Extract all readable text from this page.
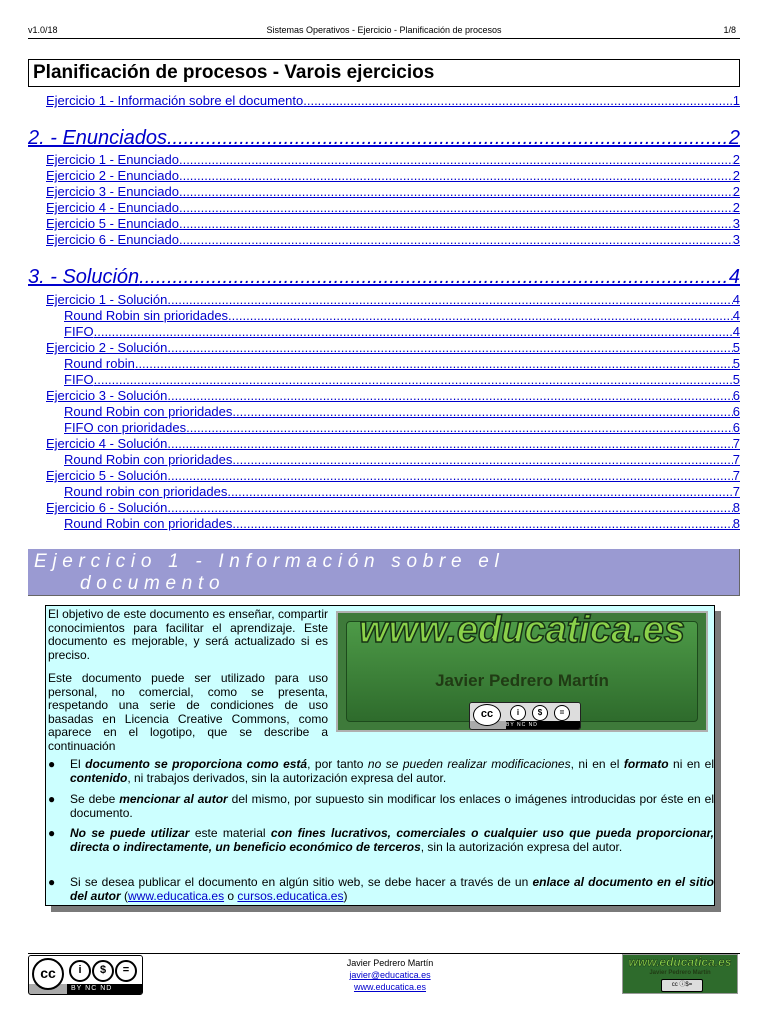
v1.0/18	Sistemas Operativos - Ejercicio - Planificación de procesos	1/8
Planificación de procesos - Varois ejercicios
Ejercicio 1 - Información sobre el documento .....	1
2. - Enunciados .....	2
Ejercicio 1 - Enunciado .....	2
Ejercicio 2 - Enunciado .....	2
Ejercicio 3 - Enunciado .....	2
Ejercicio 4 - Enunciado .....	2
Ejercicio 5 - Enunciado .....	3
Ejercicio 6 - Enunciado .....	3
3. - Solución .....	4
Ejercicio 1 - Solución .....	4
Round Robin sin prioridades .....	4
FIFO .....	4
Ejercicio 2 - Solución .....	5
Round robin .....	5
FIFO .....	5
Ejercicio 3 - Solución .....	6
Round Robin con prioridades .....	6
FIFO con prioridades .....	6
Ejercicio 4 - Solución .....	7
Round Robin con prioridades .....	7
Ejercicio 5 - Solución .....	7
Round robin con prioridades .....	7
Ejercicio 6 - Solución .....	8
Round Robin con prioridades .....	8
Ejercicio 1 - Información sobre el
documento
El objetivo de este documento es enseñar, compartir conocimientos para facilitar el aprendizaje. Este documento es mejorable, y será actualizado si es preciso.
Este documento puede ser utilizado para uso personal, no comercial, como se presenta, respetando una serie de condiciones de uso basadas en Licencia Creative Commons, como aparece en el logotipo, que se describe a continuación
www.educatica.es
Javier Pedrero Martín
cc	i	$	=
BY NC ND
● El documento se proporciona como está, por tanto no se pueden realizar modificaciones, ni en el formato ni en el contenido, ni trabajos derivados, sin la autorización expresa del autor.
● Se debe mencionar al autor del mismo, por supuesto sin modificar los enlaces o imágenes introducidas por éste en el documento.
● No se puede utilizar este material con fines lucrativos, comerciales o cualquier uso que pueda proporcionar, directa o indirectamente, un beneficio económico de terceros, sin la autorización expresa del autor.
● Si se desea publicar el documento en algún sitio web, se debe hacer a través de un enlace al documento en el sitio del autor (www.educatica.es o cursos.educatica.es)
cc	i	$	=
BY NC ND
Javier Pedrero Martín
javier@educatica.es
www.educatica.es
www.educatica.es
Javier Pedrero Martín
cc ⓘ$=
